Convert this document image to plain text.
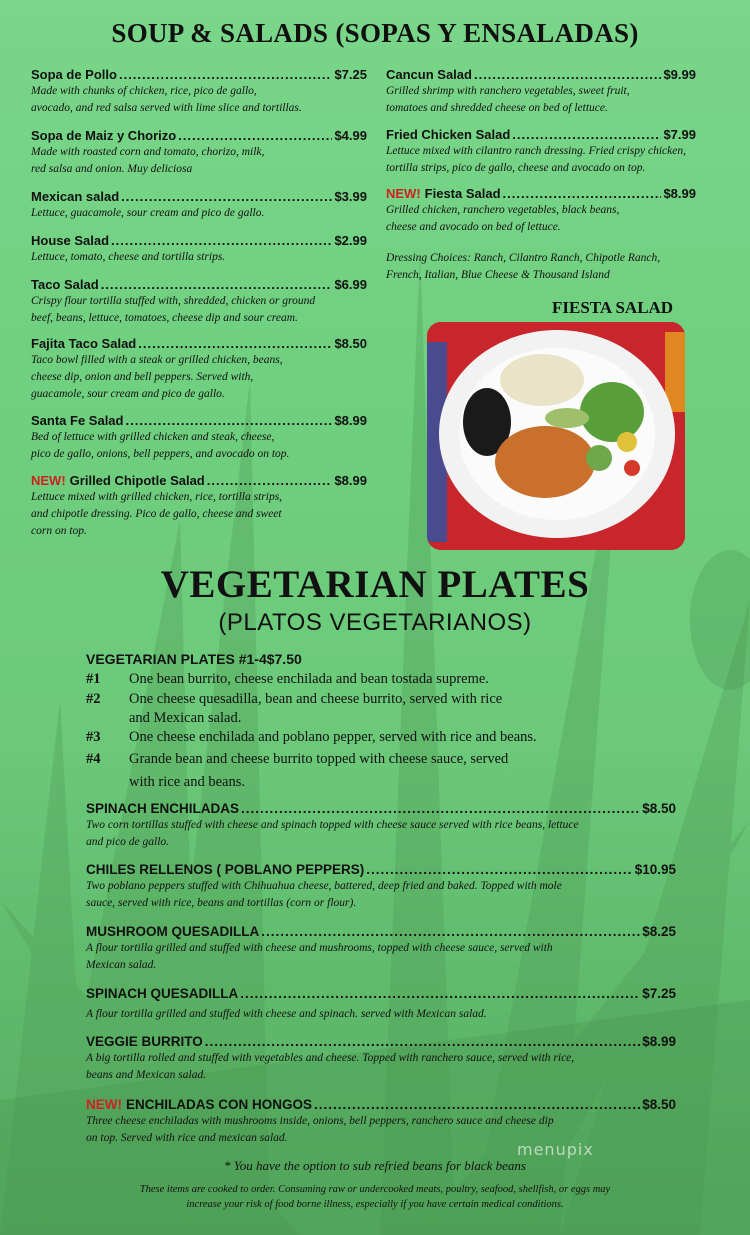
SOUP & SALADS (SOPAS Y ENSALADAS)
Sopa de Pollo .....	$7.25
Made with chunks of chicken, rice, pico de gallo,
avocado, and red salsa served with lime slice and tortillas.
Sopa de Maiz y Chorizo .....	$4.99
Made with roasted corn and tomato, chorizo, milk,
red salsa and onion. Muy deliciosa
Mexican salad .....	$3.99
Lettuce, guacamole, sour cream and pico de gallo.
House Salad .....	$2.99
Lettuce, tomato, cheese and tortilla strips.
Taco Salad .....	$6.99
Crispy flour tortilla stuffed with, shredded, chicken or ground
beef, beans, lettuce, tomatoes, cheese dip and sour cream.
Fajita Taco Salad .....	$8.50
Taco bowl filled with a steak or grilled chicken, beans,
cheese dip, onion and bell peppers. Served with,
guacamole, sour cream and pico de gallo.
Santa Fe Salad .....	$8.99
Bed of lettuce with grilled chicken and steak, cheese,
pico de gallo, onions, bell peppers, and avocado on top.
NEW! Grilled Chipotle Salad .....	$8.99
Lettuce mixed with grilled chicken, rice, tortilla strips,
and chipotle dressing. Pico de gallo, cheese and sweet
corn on top.
Cancun Salad .....	$9.99
Grilled shrimp with ranchero vegetables, sweet fruit,
tomatoes and shredded cheese on bed of lettuce.
Fried Chicken Salad .....	$7.99
Lettuce mixed with cilantro ranch dressing. Fried crispy chicken,
tortilla strips, pico de gallo, cheese and avocado on top.
NEW! Fiesta Salad .....	$8.99
Grilled chicken, ranchero vegetables, black beans,
cheese and avocado on bed of lettuce.
Dressing Choices: Ranch, Cilantro Ranch, Chipotle Ranch,
French, Italian, Blue Cheese & Thousand Island
FIESTA SALAD
VEGETARIAN PLATES
(PLATOS VEGETARIANOS)
VEGETARIAN PLATES #1-4$7.50
#1 One bean burrito, cheese enchilada and bean tostada supreme.
#2 One cheese quesadilla, bean and cheese burrito, served with rice
and Mexican salad.
#3 One cheese enchilada and poblano pepper, served with rice and beans.
#4 Grande bean and cheese burrito topped with cheese sauce, served
with rice and beans.
SPINACH ENCHILADAS .....	$8.50
Two corn tortillas stuffed with cheese and spinach topped with cheese sauce served with rice beans, lettuce
and pico de gallo.
CHILES RELLENOS ( POBLANO PEPPERS) .....	$10.95
Two poblano peppers stuffed with Chihuahua cheese, battered, deep fried and baked. Topped with mole
sauce, served with rice, beans and tortillas (corn or flour).
MUSHROOM QUESADILLA .....	$8.25
A flour tortilla grilled and stuffed with cheese and mushrooms, topped with cheese sauce, served with
Mexican salad.
SPINACH QUESADILLA .....	$7.25
A flour tortilla grilled and stuffed with cheese and spinach. served with Mexican salad.
VEGGIE BURRITO .....	$8.99
A big tortilla rolled and stuffed with vegetables and cheese. Topped with ranchero sauce, served with rice,
beans and Mexican salad.
NEW! ENCHILADAS CON HONGOS .....	$8.50
Three cheese enchiladas with mushrooms inside, onions, bell peppers, ranchero sauce and cheese dip
on top. Served with rice and mexican salad.
menupix
* You have the option to sub refried beans for black beans
These items are cooked to order. Consuming raw or undercooked meats, poultry, seafood, shellfish, or eggs may
increase your risk of food borne illness, especially if you have certain medical conditions.
